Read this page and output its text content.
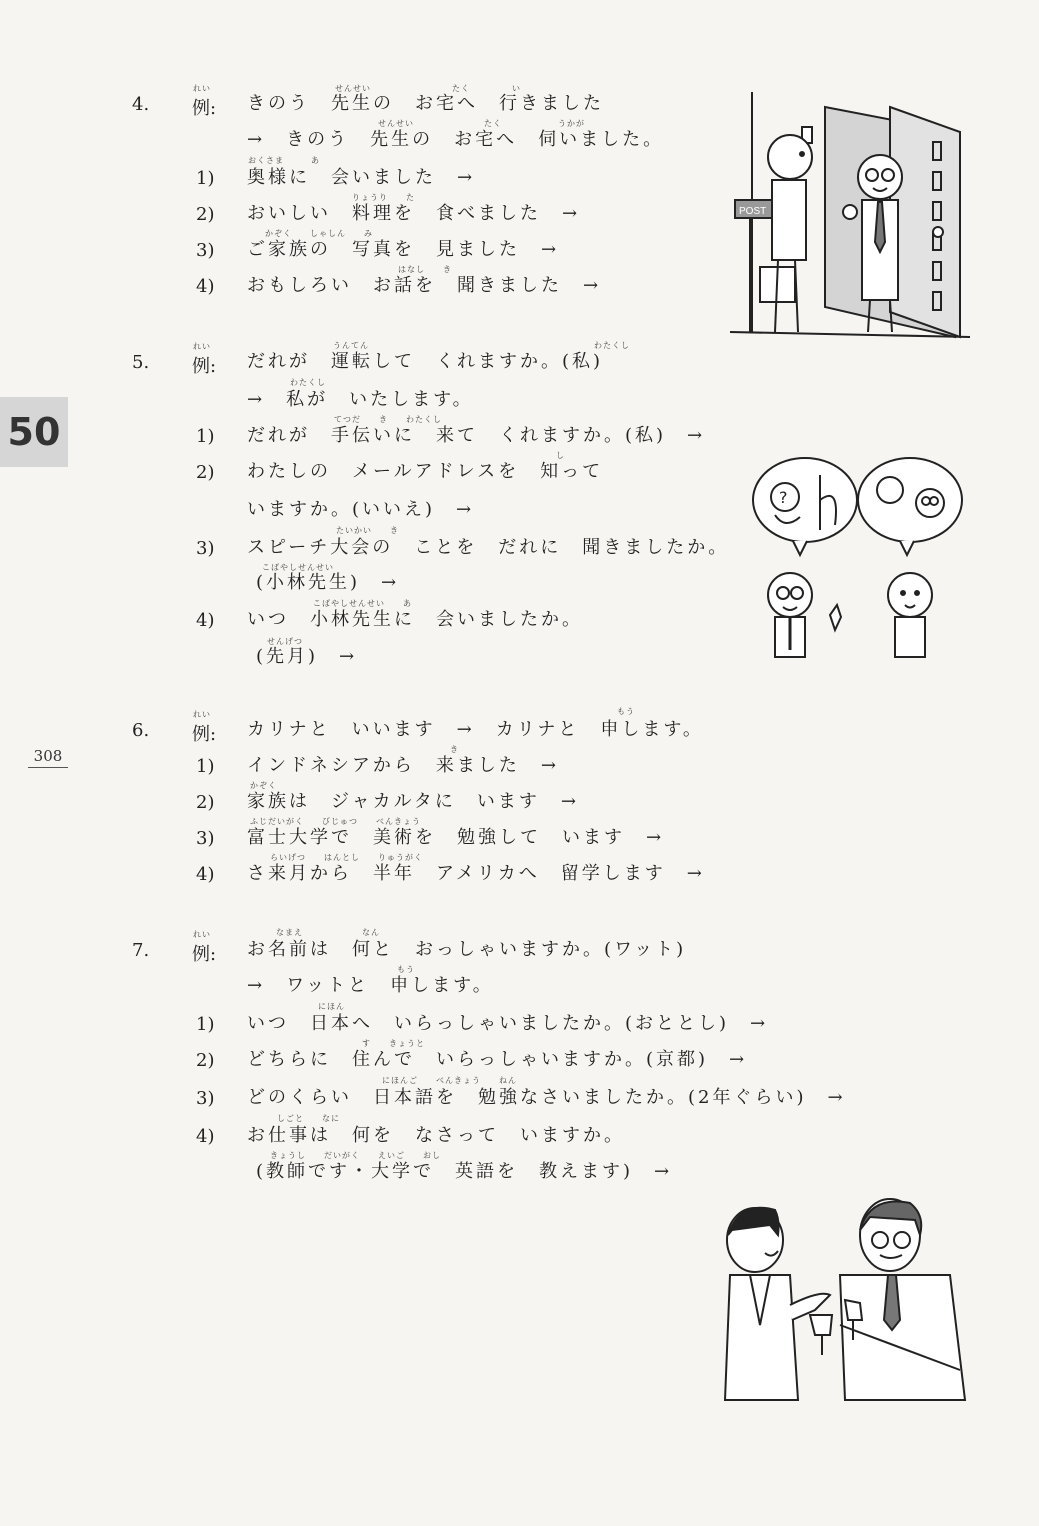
50
308
4.
れい
例:
せんせい	たく	い
きのう　先生の　お宅へ　行きました
せんせい	たく	うかが
→　きのう　先生の　お宅へ　伺いました。
1)
おくさま　　　あ
奥様に　会いました　→
2)
りょうり　　た
おいしい　料理を　食べました　→
3)
かぞく　　しゃしん　　み
ご家族の　写真を　見ました　→
4)
はなし　　き
おもしろい　お話を　聞きました　→
5.
れい
例:
うんてん	わたくし
だれが　運転して　くれますか。(私)
わたくし
→　私が　いたします。
1)
てつだ　　き　　わたくし
だれが　手伝いに　来て　くれますか。(私)　→
2)
し
わたしの　メールアドレスを　知って
いますか。(いいえ)　→
3)
たいかい　　き
スピーチ大会の　ことを　だれに　聞きましたか。
こばやしせんせい
(小林先生)　→
4)
こばやしせんせい　　あ
いつ　小林先生に　会いましたか。
せんげつ
(先月)　→
6.
れい
例:
もう
カリナと　いいます　→　カリナと　申します。
1)
き
インドネシアから　来ました　→
2)
かぞく
家族は　ジャカルタに　います　→
3)
ふじだいがく　　びじゅつ　　べんきょう
富士大学で　美術を　勉強して　います　→
4)
らいげつ　　はんとし　　りゅうがく
さ来月から　半年　アメリカへ　留学します　→
7.
れい
例:
なまえ	なん
お名前は　何と　おっしゃいますか。(ワット)
もう
→　ワットと　申します。
1)
にほん
いつ　日本へ　いらっしゃいましたか。(おととし)　→
2)
す　　きょうと
どちらに　住んで　いらっしゃいますか。(京都)　→
3)
にほんご　　べんきょう　　ねん
どのくらい　日本語を　勉強なさいましたか。(2年ぐらい)　→
4)
しごと　　なに
お仕事は　何を　なさって　いますか。
きょうし　　だいがく　　えいご　　おし
(教師です・大学で　英語を　教えます)　→
POST
?
